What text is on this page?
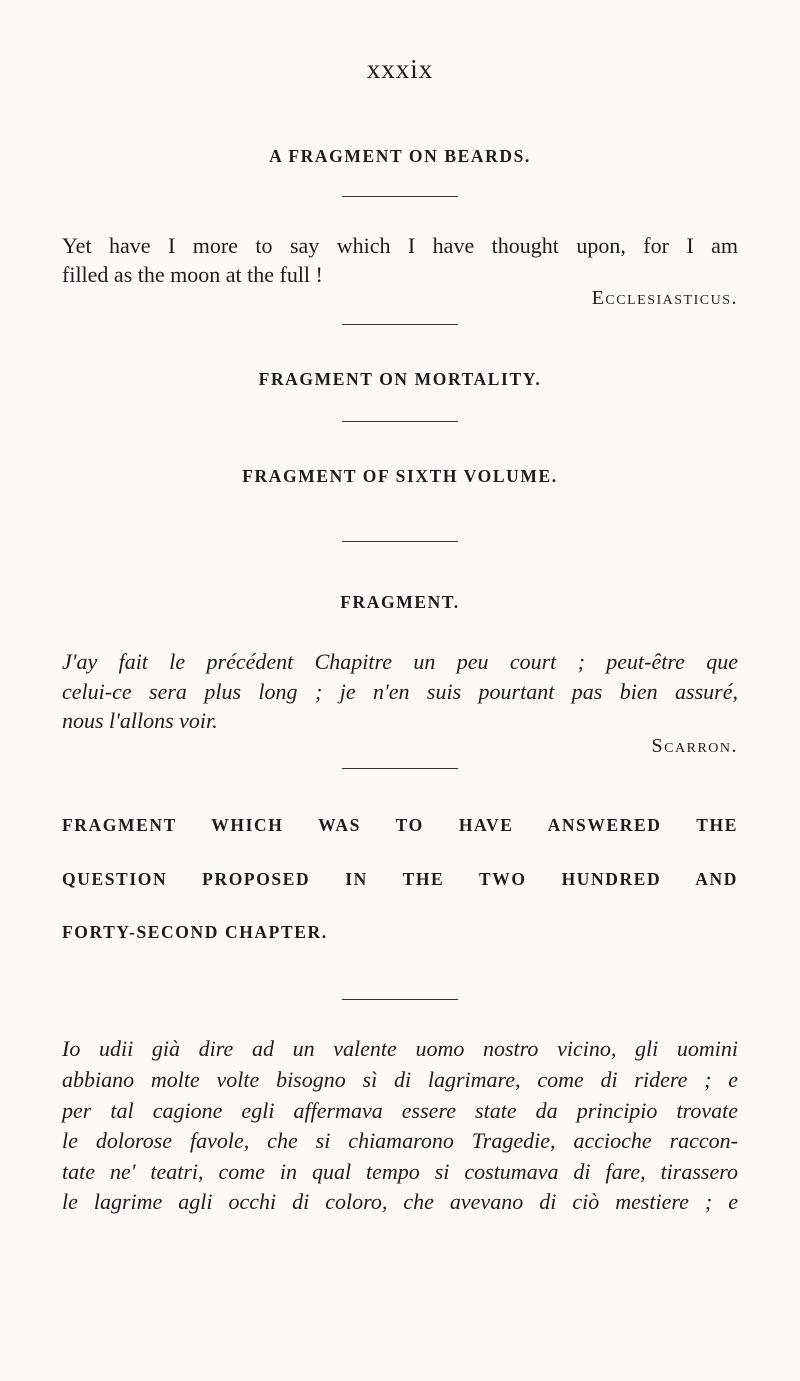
xxxix
A FRAGMENT ON BEARDS.
Yet have I more to say which I have thought upon, for I am
filled as the moon at the full !
Ecclesiasticus.
FRAGMENT ON MORTALITY.
FRAGMENT OF SIXTH VOLUME.
FRAGMENT.
J'ay fait le précédent Chapitre un peu court ; peut-être que
celui-ce sera plus long ; je n'en suis pourtant pas bien assuré,
nous l'allons voir.
Scarron.
FRAGMENT WHICH WAS TO HAVE ANSWERED THE
QUESTION PROPOSED IN THE TWO HUNDRED AND
FORTY-SECOND CHAPTER.
Io udii già dire ad un valente uomo nostro vicino, gli uomini
abbiano molte volte bisogno sì di lagrimare, come di ridere ; e
per tal cagione egli affermava essere state da principio trovate
le dolorose favole, che si chiamarono Tragedie, accioche raccon-
tate ne' teatri, come in qual tempo si costumava di fare, tirassero
le lagrime agli occhi di coloro, che avevano di ciò mestiere ; e
